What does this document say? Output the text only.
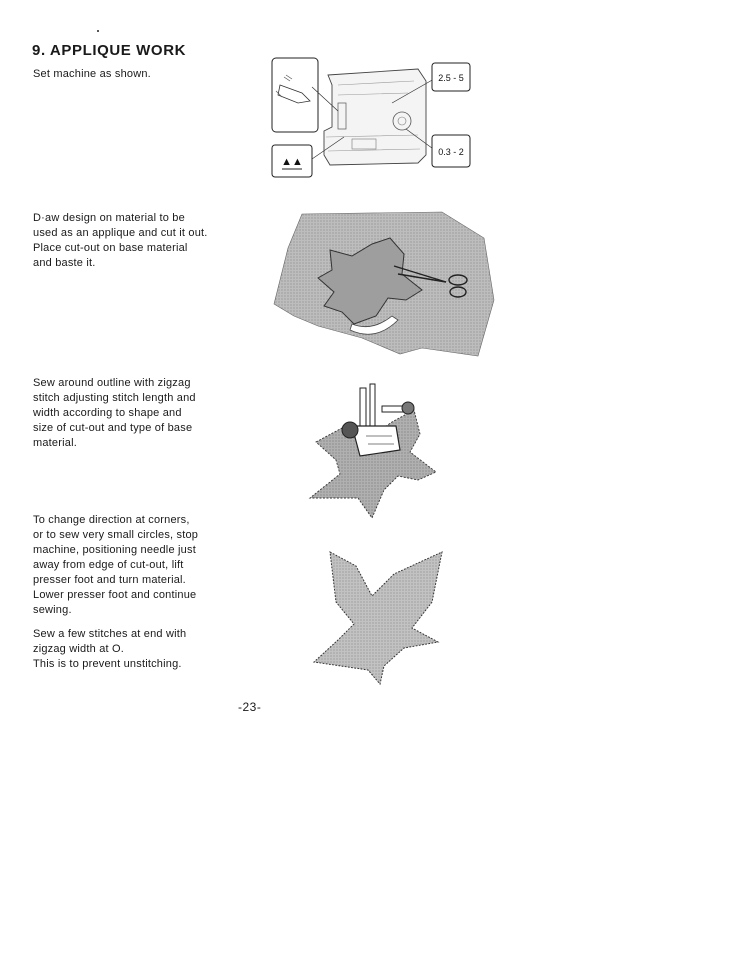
9. APPLIQUE WORK

Set machine as shown.

D·aw design on material to be
used as an applique and cut it out.
Place cut-out on base material
and baste it.

Sew around outline with zigzag
stitch adjusting stitch length and
width according to shape and
size of cut-out and type of base
material.

To change direction at corners,
or to sew very small circles, stop
machine, positioning needle just
away from edge of cut-out, lift
presser foot and turn material.
Lower presser foot and continue
sewing.

Sew a few stitches at end with
zigzag width at O.
This is to prevent unstitching.

▲▲
2.5 - 5
0.3 - 2
-23-
